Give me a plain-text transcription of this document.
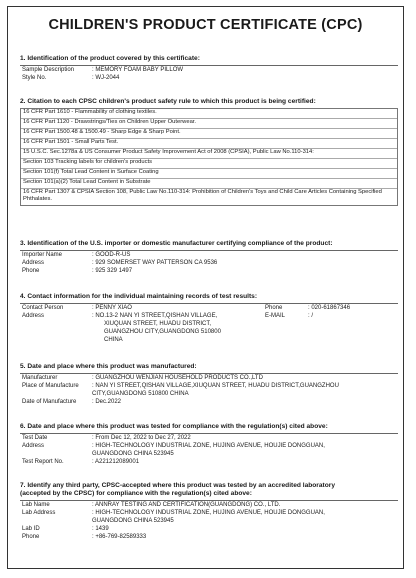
CHILDREN'S PRODUCT CERTIFICATE (CPC)
1. Identification of the product covered by this certificate:
Sample Description	: MEMORY FOAM BABY PILLOW
Style No.	: WJ-2044
2. Citation to each CPSC children's product safety rule to which this product is being certified:
16 CFR Part 1610 - Flammability of clothing textiles.
16 CFR Part 1120 - Drawstrings/Ties on Children Upper Outerwear.
16 CFR Part 1500.48 & 1500.49 - Sharp Edge & Sharp Point.
16 CFR Part 1501 - Small Parts Test.
15 U.S.C. Sec.1278a & US Consumer Product Safety Improvement Act of 2008 (CPSIA), Public Law No.110-314:
Section 103 Tracking labels for children's products
Section 101(f) Total Lead Content in Surface Coating
Section 101(a)(2) Total Lead Content in Substrate
16 CFR Part 1307 & CPSIA Section 108, Public Law No.110-314: Prohibition of Children's Toys and Child Care Articles Containing Specified Phthalates.
3. Identification of the U.S. importer or domestic manufacturer certifying compliance of the product:
Importer Name	: GOOD-R-US
Address	: 929 SOMERSET WAY PATTERSON CA 9536
Phone	: 925 329 1497
4. Contact information for the individual maintaining records of test results:
Contact Person	: PENNY XIAO	Phone	: 020-61867346
Address	: NO.13-2 NAN YI STREET,QISHAN VILLAGE,	E-MAIL	: /
XIUQUAN STREET, HUADU DISTRICT,
GUANGZHOU CITY,GUANGDONG 510800
CHINA
5. Date and place where this product was manufactured:
Manufacturer	: GUANGZHOU WENJIAN HOUSEHOLD PRODUCTS CO.,LTD
Place of Manufacture : NAN YI STREET,QISHAN VILLAGE,XIUQUAN STREET, HUADU DISTRICT,GUANGZHOU
CITY,GUANGDONG 510800 CHINA
Date of Manufacture	: Dec.2022
6. Date and place where this product was tested for compliance with the regulation(s) cited above:
Test Date	: From Dec 12, 2022 to Dec 27, 2022
Address	: HIGH-TECHNOLOGY INDUSTRIAL ZONE, HUJING AVENUE, HOUJIE DONGGUAN,
GUANGDONG CHINA 523945
Test Report No.	: A221212089001
7. Identify any third party, CPSC-accepted where this product was tested by an accredited laboratory
(accepted by the CPSC) for compliance with the regulation(s) cited above:
Lab Name	: ANNRAY TESTING AND CERTIFICATION(GUANGDONG) CO., LTD.
Lab Address	: HIGH-TECHNOLOGY INDUSTRIAL ZONE, HUJING AVENUE, HOUJIE DONGGUAN,
GUANGDONG CHINA 523945
Lab ID	: 1439
Phone	: +86-769-82589333
